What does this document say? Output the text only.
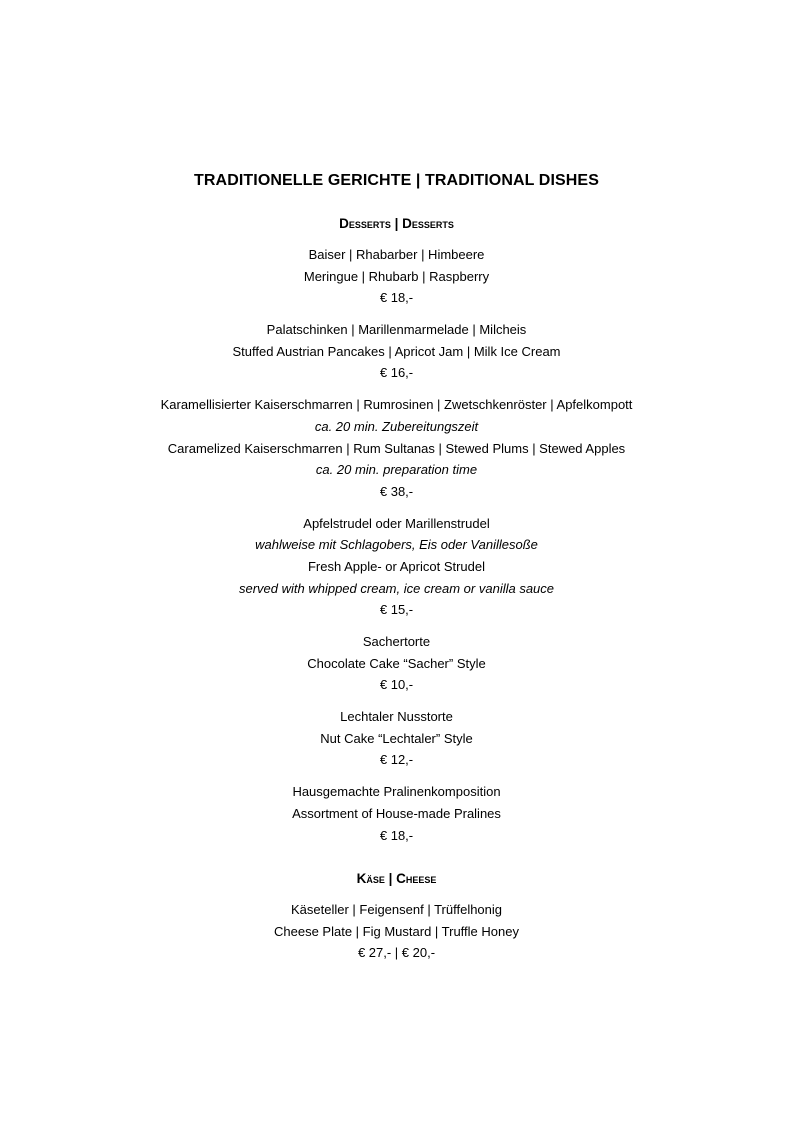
TRADITIONELLE GERICHTE | TRADITIONAL DISHES
Desserts | Desserts
Baiser | Rhabarber | Himbeere
Meringue | Rhubarb | Raspberry
€ 18,-
Palatschinken | Marillenmarmelade | Milcheis
Stuffed Austrian Pancakes | Apricot Jam | Milk Ice Cream
€ 16,-
Karamellisierter Kaiserschmarren | Rumrosinen | Zwetschkenröster | Apfelkompott
ca. 20 min. Zubereitungszeit
Caramelized Kaiserschmarren | Rum Sultanas | Stewed Plums | Stewed Apples
ca. 20 min. preparation time
€ 38,-
Apfelstrudel oder Marillenstrudel
wahlweise mit Schlagobers, Eis oder Vanillesoße
Fresh Apple- or Apricot Strudel
served with whipped cream, ice cream or vanilla sauce
€ 15,-
Sachertorte
Chocolate Cake “Sacher” Style
€ 10,-
Lechtaler Nusstorte
Nut Cake “Lechtaler” Style
€ 12,-
Hausgemachte Pralinenkomposition
Assortment of House-made Pralines
€ 18,-
Käse | Cheese
Käseteller | Feigensenf | Trüffelhonig
Cheese Plate | Fig Mustard | Truffle Honey
€ 27,- | € 20,-
